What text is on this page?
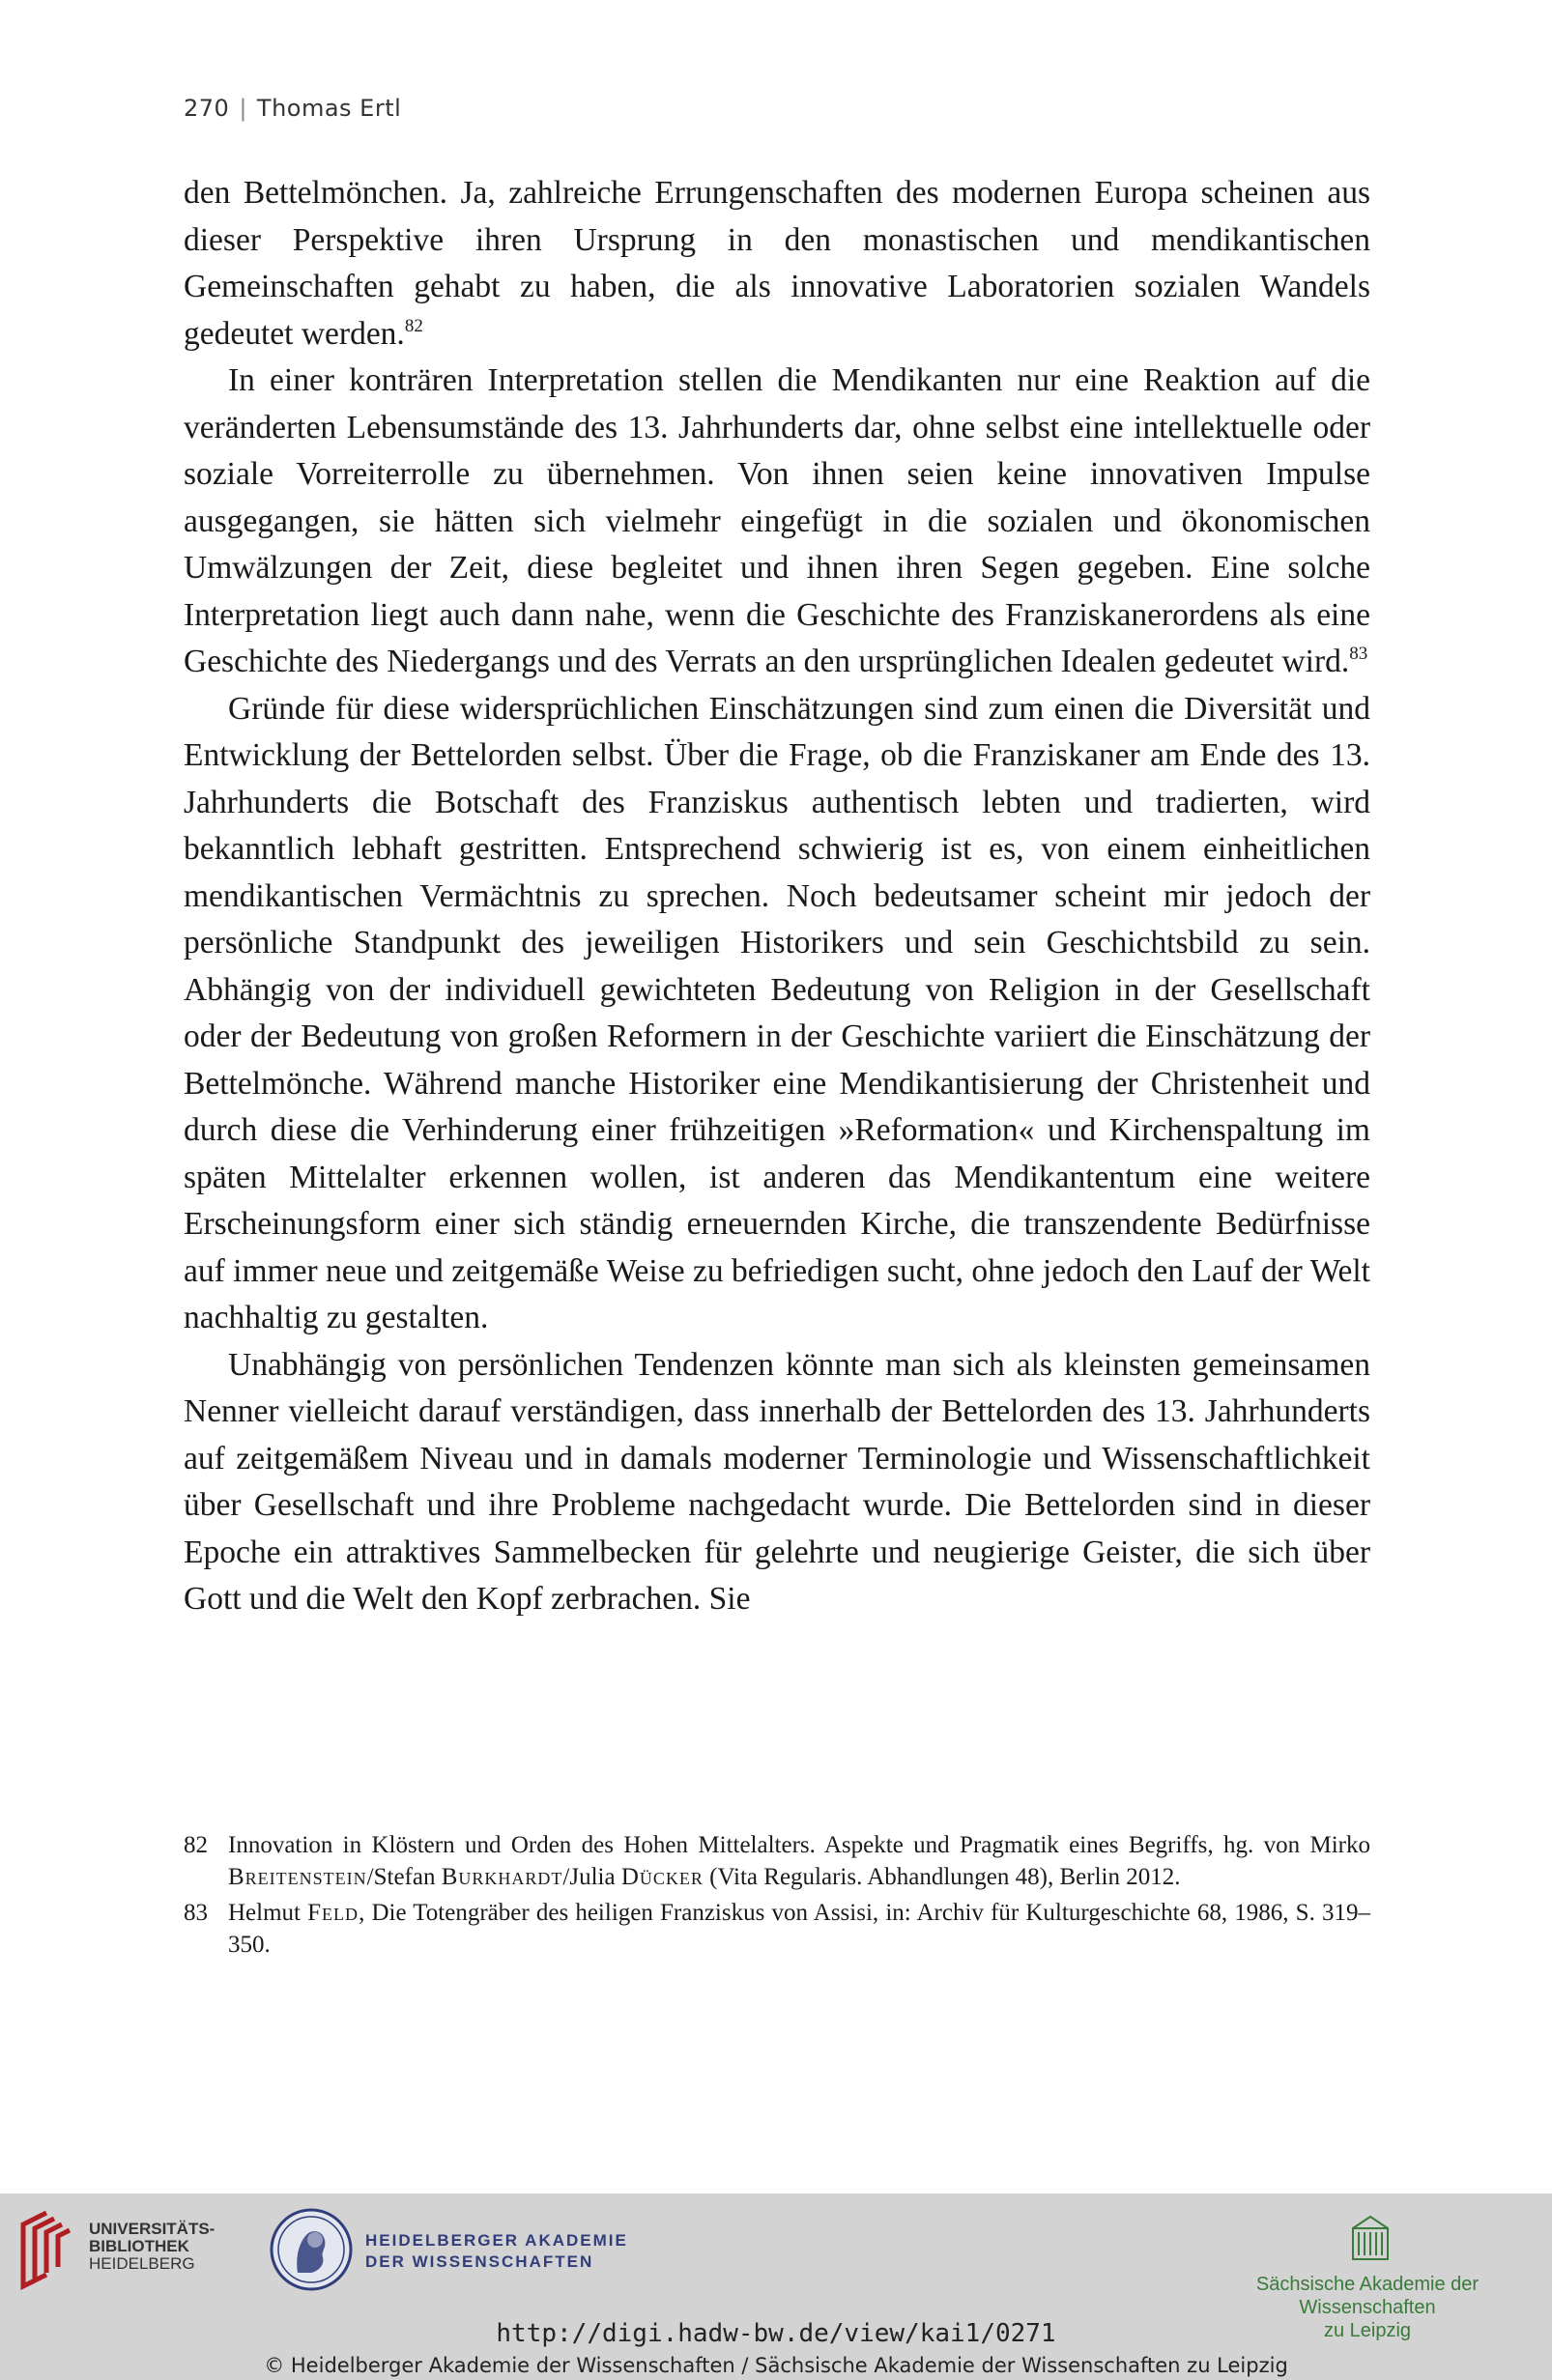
270 | Thomas Ertl

den Bettelmönchen. Ja, zahlreiche Errungenschaften des modernen Europa scheinen aus dieser Perspektive ihren Ursprung in den monastischen und mendikantischen Gemeinschaften gehabt zu haben, die als innovative Laboratorien sozialen Wandels gedeutet werden.$^{82}$

In einer konträren Interpretation stellen die Mendikanten nur eine Reaktion auf die veränderten Lebensumstände des 13. Jahrhunderts dar, ohne selbst eine intellektuelle oder soziale Vorreiterrolle zu übernehmen. Von ihnen seien keine innovativen Impulse ausgegangen, sie hätten sich vielmehr eingefügt in die sozialen und ökonomischen Umwälzungen der Zeit, diese begleitet und ihnen ihren Segen gegeben. Eine solche Interpretation liegt auch dann nahe, wenn die Geschichte des Franziskanerordens als eine Geschichte des Niedergangs und des Verrats an den ursprünglichen Idealen gedeutet wird.$^{83}$

Gründe für diese widersprüchlichen Einschätzungen sind zum einen die Diversität und Entwicklung der Bettelorden selbst. Über die Frage, ob die Franziskaner am Ende des 13. Jahrhunderts die Botschaft des Franziskus authentisch lebten und tradierten, wird bekanntlich lebhaft gestritten. Entsprechend schwierig ist es, von einem einheitlichen mendikantischen Vermächtnis zu sprechen. Noch bedeutsamer scheint mir jedoch der persönliche Standpunkt des jeweiligen Historikers und sein Geschichtsbild zu sein. Abhängig von der individuell gewichteten Bedeutung von Religion in der Gesellschaft oder der Bedeutung von großen Reformern in der Geschichte variiert die Einschätzung der Bettelmönche. Während manche Historiker eine Mendikantisierung der Christenheit und durch diese die Verhinderung einer frühzeitigen »Reformation« und Kirchenspaltung im späten Mittelalter erkennen wollen, ist anderen das Mendikantentum eine weitere Erscheinungsform einer sich ständig erneuernden Kirche, die transzendente Bedürfnisse auf immer neue und zeitgemäße Weise zu befriedigen sucht, ohne jedoch den Lauf der Welt nachhaltig zu gestalten.

Unabhängig von persönlichen Tendenzen könnte man sich als kleinsten gemeinsamen Nenner vielleicht darauf verständigen, dass innerhalb der Bettelorden des 13. Jahrhunderts auf zeitgemäßem Niveau und in damals moderner Terminologie und Wissenschaftlichkeit über Gesellschaft und ihre Probleme nachgedacht wurde. Die Bettelorden sind in dieser Epoche ein attraktives Sammelbecken für gelehrte und neugierige Geister, die sich über Gott und die Welt den Kopf zerbrachen. Sie

82 Innovation in Klöstern und Orden des Hohen Mittelalters. Aspekte und Pragmatik eines Begriffs, hg. von Mirko Breitenstein/Stefan Burkhardt/Julia Dücker (Vita Regularis. Abhandlungen 48), Berlin 2012.
83 Helmut Feld, Die Totengräber des heiligen Franziskus von Assisi, in: Archiv für Kulturgeschichte 68, 1986, S. 319–350.
UNIVERSITÄTS-
BIBLIOTHEK
HEIDELBERG
HEIDELBERGER AKADEMIE
DER WISSENSCHAFTEN
Sächsische Akademie der Wissenschaften
zu Leipzig
http://digi.hadw-bw.de/view/kai1/0271
© Heidelberger Akademie der Wissenschaften / Sächsische Akademie der Wissenschaften zu Leipzig
